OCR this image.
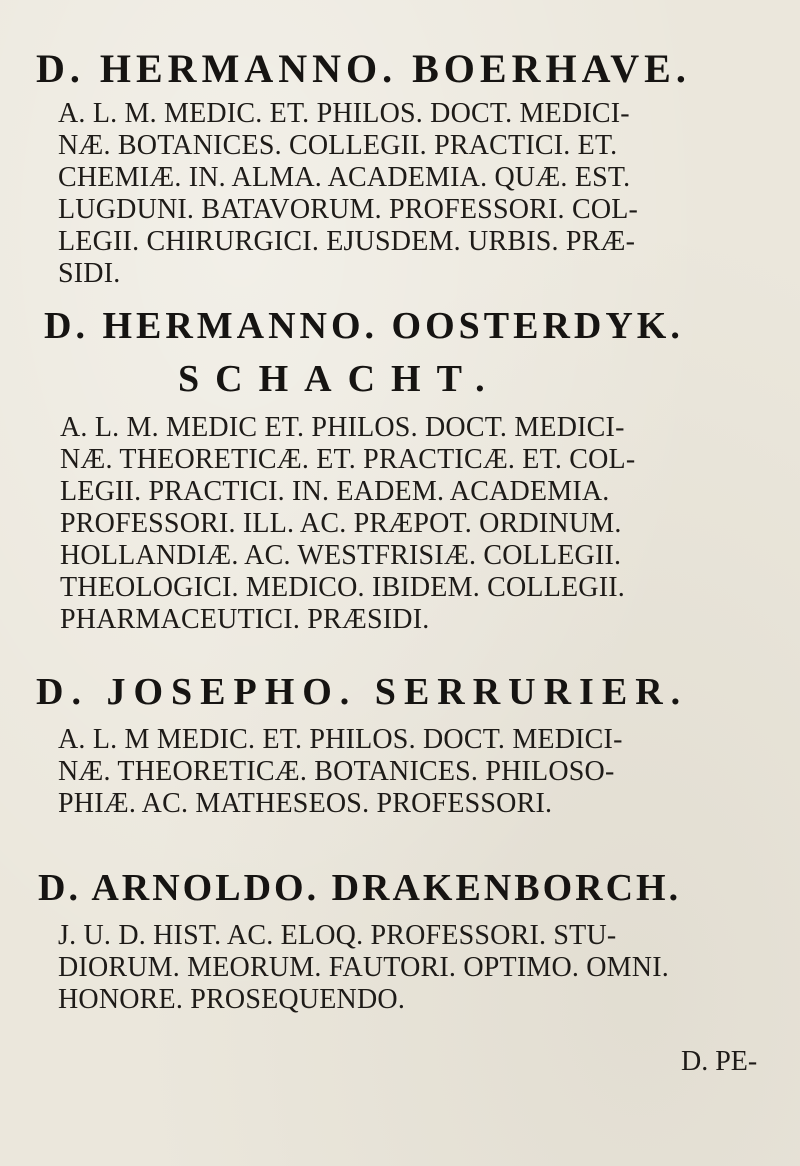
D. HERMANNO. BOERHAVE.
A. L. M. MEDIC. ET. PHILOS. DOCT. MEDICI-
NÆ. BOTANICES. COLLEGII. PRACTICI. ET.
CHEMIÆ. IN. ALMA. ACADEMIA. QUÆ. EST.
LUGDUNI. BATAVORUM. PROFESSORI. COL-
LEGII. CHIRURGICI. EJUSDEM. URBIS. PRÆ-
SIDI.
D. HERMANNO. OOSTERDYK.
SCHACHT.
A. L. M. MEDIC ET. PHILOS. DOCT. MEDICI-
NÆ. THEORETICÆ. ET. PRACTICÆ. ET. COL-
LEGII. PRACTICI. IN. EADEM. ACADEMIA.
PROFESSORI. ILL. AC. PRÆPOT. ORDINUM.
HOLLANDIÆ. AC. WESTFRISIÆ. COLLEGII.
THEOLOGICI. MEDICO. IBIDEM. COLLEGII.
PHARMACEUTICI. PRÆSIDI.
D. JOSEPHO. SERRURIER.
A. L. M MEDIC. ET. PHILOS. DOCT. MEDICI-
NÆ. THEORETICÆ. BOTANICES. PHILOSO-
PHIÆ. AC. MATHESEOS. PROFESSORI.
D. ARNOLDO. DRAKENBORCH.
J. U. D. HIST. AC. ELOQ. PROFESSORI. STU-
DIORUM. MEORUM. FAUTORI. OPTIMO. OMNI.
HONORE. PROSEQUENDO.
D. PE-
